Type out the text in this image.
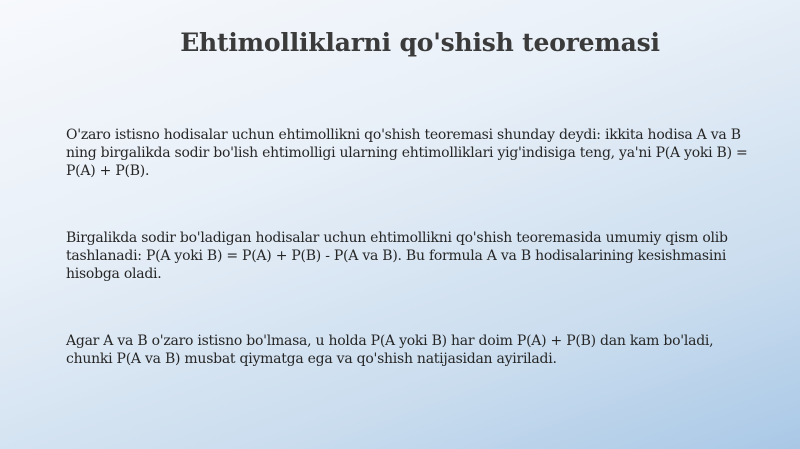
Ehtimolliklarni qo'shish teoremasi
O'zaro istisno hodisalar uchun ehtimollikni qo'shish teoremasi shunday deydi: ikkita hodisa A va B ning birgalikda sodir bo'lish ehtimolligi ularning ehtimolliklari yig'indisiga teng, ya'ni P(A yoki B) = P(A) + P(B).
Birgalikda sodir bo'ladigan hodisalar uchun ehtimollikni qo'shish teoremasida umumiy qism olib tashlanadi: P(A yoki B) = P(A) + P(B) - P(A va B). Bu formula A va B hodisalarining kesishmasini hisobga oladi.
Agar A va B o'zaro istisno bo'lmasa, u holda P(A yoki B) har doim P(A) + P(B) dan kam bo'ladi, chunki P(A va B) musbat qiymatga ega va qo'shish natijasidan ayiriladi.
